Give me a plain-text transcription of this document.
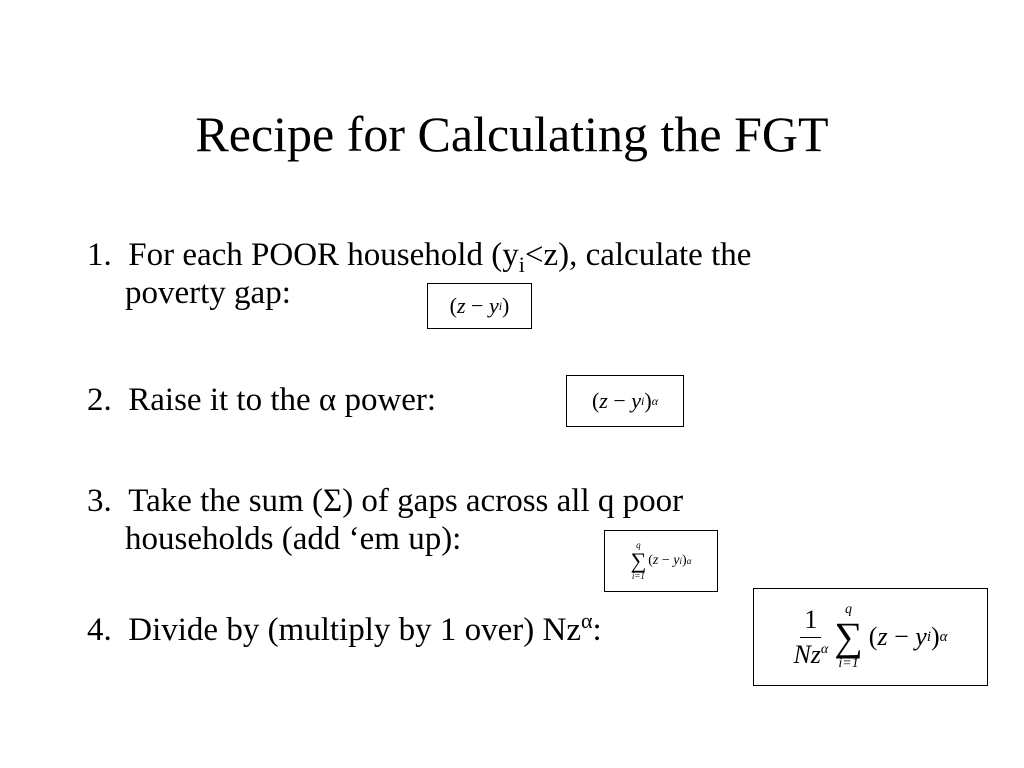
Recipe for Calculating the FGT
1. For each POOR household $(y_i<z)$, calculate the
poverty gap:	( z
−
y i )
2. Raise it to the α power:	( z
−
y i ) α
3. Take the sum (Σ) of gaps across all q poor
households (add ‘em up):	q
∑
i=1
( z
−
y i ) α
4. Divide by (multiply by 1 over) $Nz^\alpha$:	$\frac{1}{Nz^\alpha}$ q
∑
i=1
( z
−
y i ) α
